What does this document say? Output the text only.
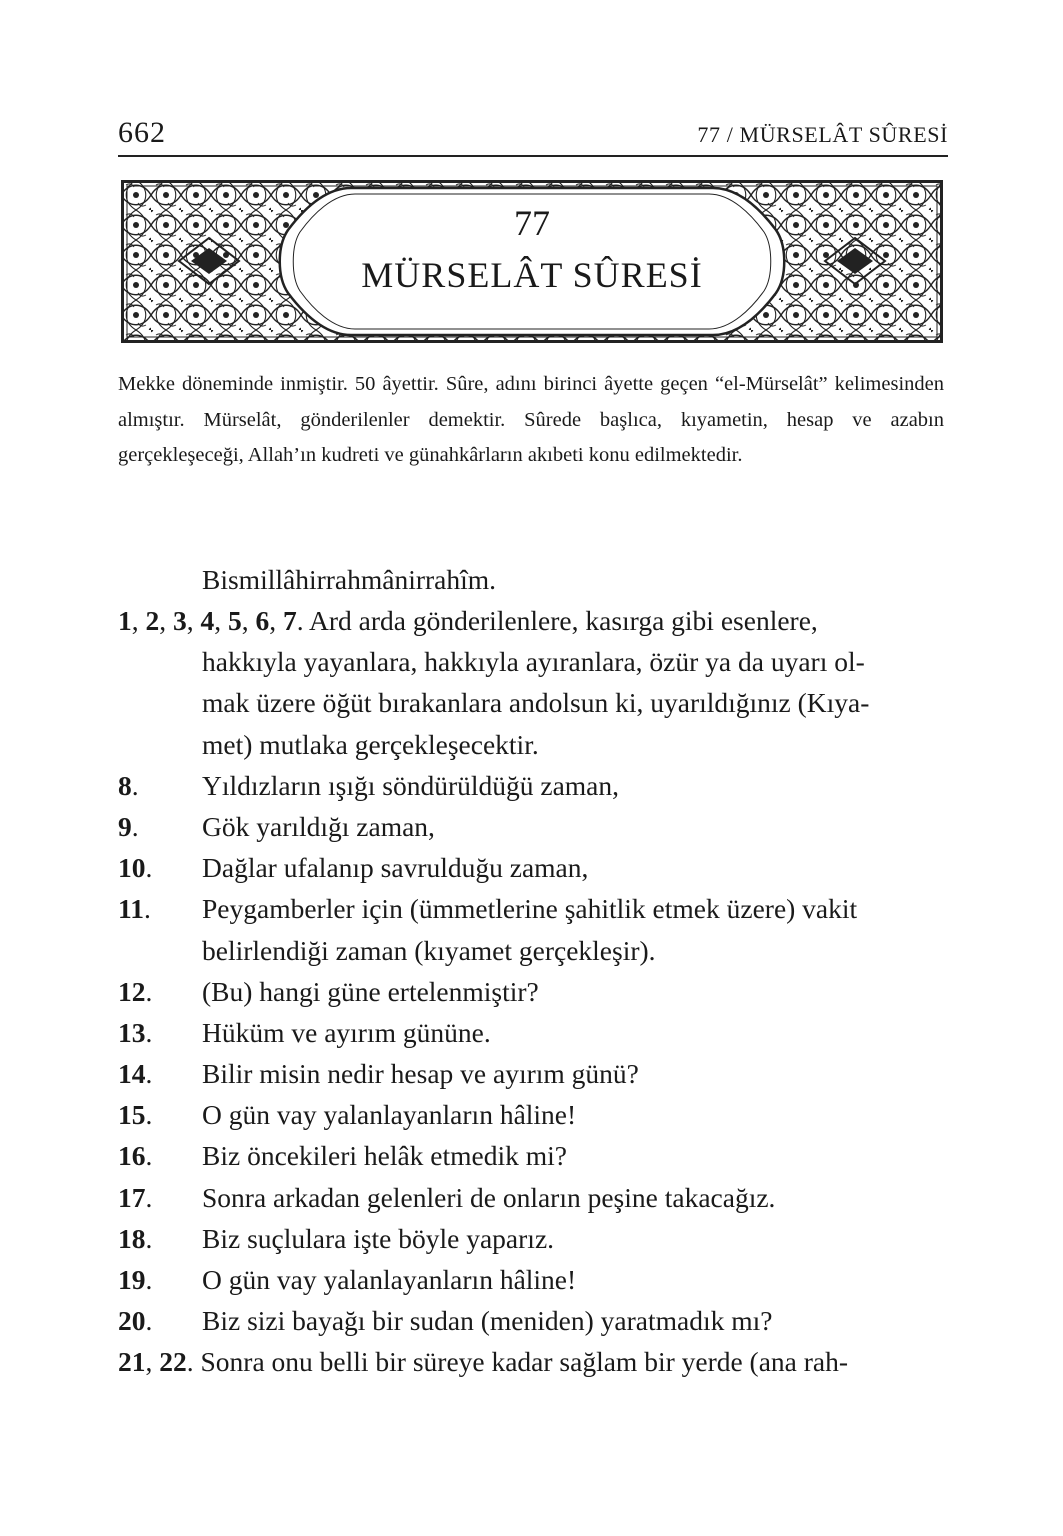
662	77 / MÜRSELÂT SÛRESİ
77
MÜRSELÂT SÛRESİ

Mekke döneminde inmiştir. 50 âyettir. Sûre, adını birinci âyette geçen “el-Mürselât” kelimesinden almıştır. Mürselât, gönderilenler demektir. Sûrede başlıca, kıyametin, hesap ve azabın gerçekleşeceği, Allah’ın kudreti ve günahkârların akıbeti konu edilmektedir.

Bismillâhirrahmânirrahîm.
1, 2, 3, 4, 5, 6, 7. Ard arda gönderilenlere, kasırga gibi esenlere,
hakkıyla yayanlara, hakkıyla ayıranlara, özür ya da uyarı ol-
mak üzere öğüt bırakanlara andolsun ki, uyarıldığınız (Kıya-
met) mutlaka gerçekleşecektir.
8.	Yıldızların ışığı söndürüldüğü zaman,
9.	Gök yarıldığı zaman,
10.	Dağlar ufalanıp savrulduğu zaman,
11.	Peygamberler için (ümmetlerine şahitlik etmek üzere) vakit
belirlendiği zaman (kıyamet gerçekleşir).
12.	(Bu) hangi güne ertelenmiştir?
13.	Hüküm ve ayırım gününe.
14.	Bilir misin nedir hesap ve ayırım günü?
15.	O gün vay yalanlayanların hâline!
16.	Biz öncekileri helâk etmedik mi?
17.	Sonra arkadan gelenleri de onların peşine takacağız.
18.	Biz suçlulara işte böyle yaparız.
19.	O gün vay yalanlayanların hâline!
20.	Biz sizi bayağı bir sudan (meniden) yaratmadık mı?
21, 22. Sonra onu belli bir süreye kadar sağlam bir yerde (ana rah-
